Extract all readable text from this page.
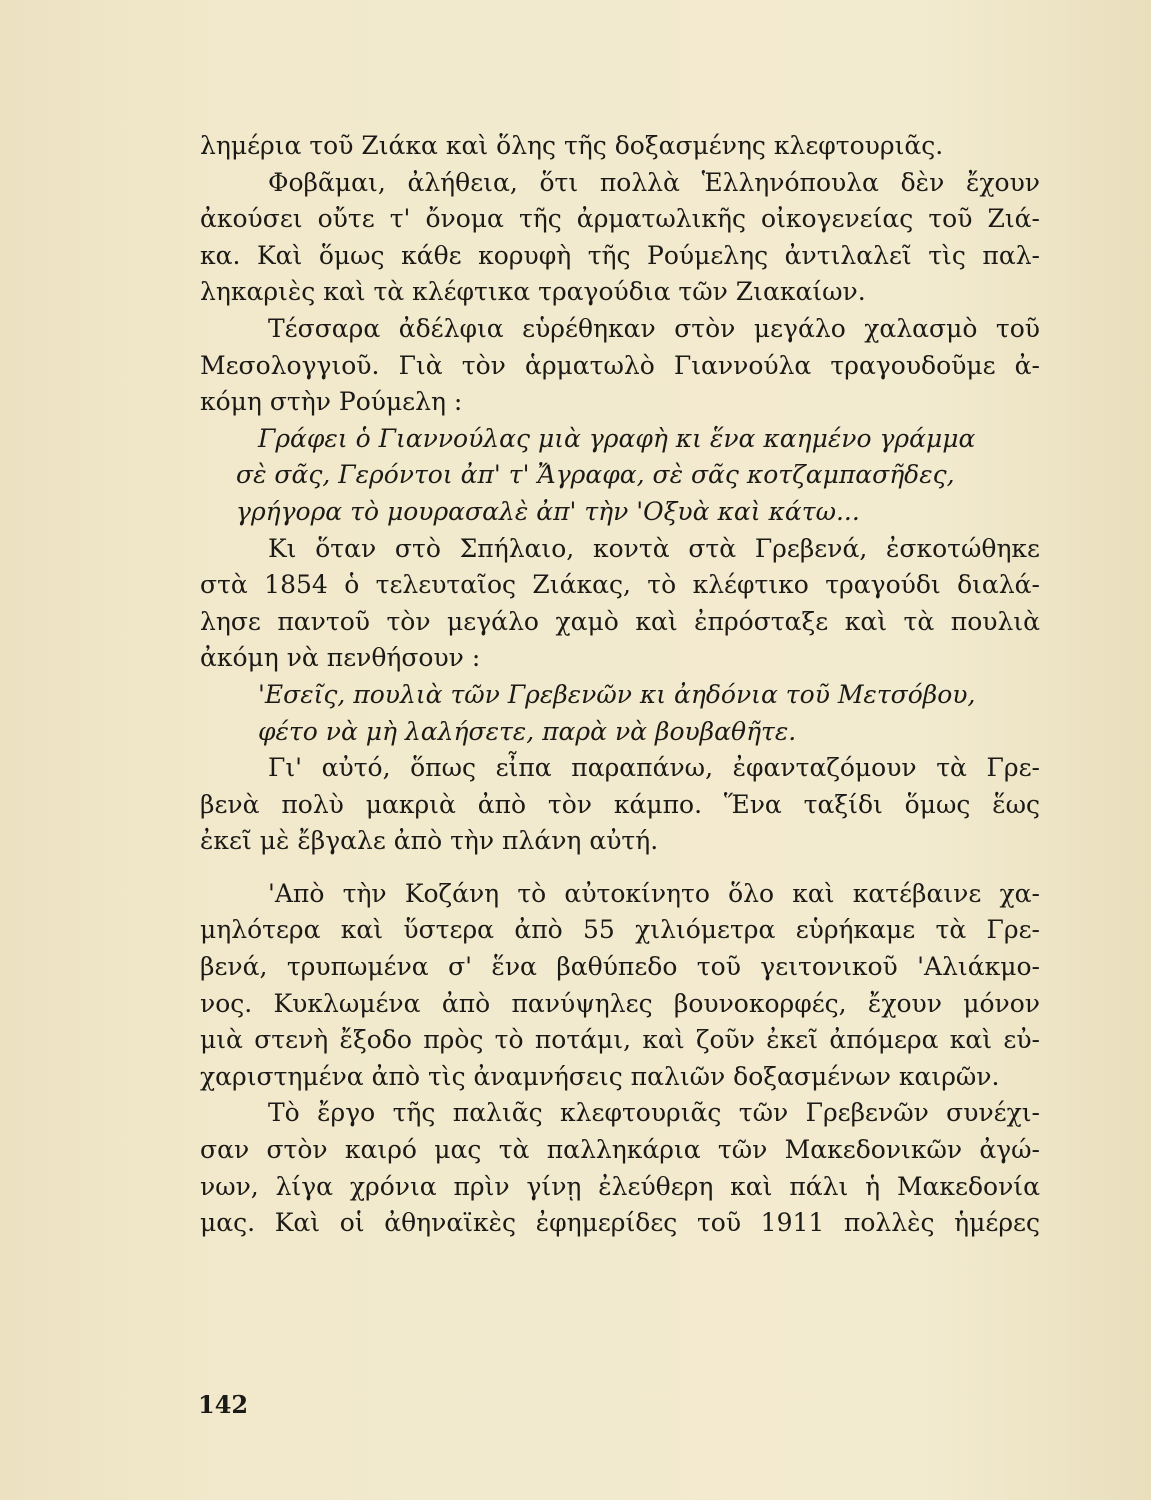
λημέρια τοῦ Ζιάκα καὶ ὅλης τῆς δοξασμένης κλεφτουριᾶς.
Φοβᾶμαι, ἀλήθεια, ὅτι πολλὰ Ἑλληνόπουλα δὲν ἔχουν
ἀκούσει οὔτε τ' ὄνομα τῆς ἀρματωλικῆς οἰκογενείας τοῦ Ζιά-
κα. Καὶ ὅμως κάθε κορυφὴ τῆς Ρούμελης ἀντιλαλεῖ τὶς παλ-
ληκαριὲς καὶ τὰ κλέφτικα τραγούδια τῶν Ζιακαίων.
Τέσσαρα ἀδέλφια εὑρέθηκαν στὸν μεγάλο χαλασμὸ τοῦ
Μεσολογγιοῦ. Γιὰ τὸν ἁρματωλὸ Γιαννούλα τραγουδοῦμε ἀ-
κόμη στὴν Ρούμελη :
Γράφει ὁ Γιαννούλας μιὰ γραφὴ κι ἕνα καημένο γράμμα
σὲ σᾶς, Γερόντοι ἀπ' τ' Ἄγραφα, σὲ σᾶς κοτζαμπασῆδες,
γρήγορα τὸ μουρασαλὲ ἀπ' τὴν 'Οξυὰ καὶ κάτω...
Κι ὅταν στὸ Σπήλαιο, κοντὰ στὰ Γρεβενά, ἐσκοτώθηκε
στὰ 1854 ὁ τελευταῖος Ζιάκας, τὸ κλέφτικο τραγούδι διαλά-
λησε παντοῦ τὸν μεγάλο χαμὸ καὶ ἐπρόσταξε καὶ τὰ πουλιὰ
ἀκόμη νὰ πενθήσουν :
'Εσεῖς, πουλιὰ τῶν Γρεβενῶν κι ἀηδόνια τοῦ Μετσόβου,
φέτο νὰ μὴ λαλήσετε, παρὰ νὰ βουβαθῆτε.
Γι' αὐτό, ὅπως εἶπα παραπάνω, ἐφανταζόμουν τὰ Γρε-
βενὰ πολὺ μακριὰ ἀπὸ τὸν κάμπο. Ἕνα ταξίδι ὅμως ἕως
ἐκεῖ μὲ ἔβγαλε ἀπὸ τὴν πλάνη αὐτή.
'Απὸ τὴν Κοζάνη τὸ αὐτοκίνητο ὅλο καὶ κατέβαινε χα-
μηλότερα καὶ ὕστερα ἀπὸ 55 χιλιόμετρα εὑρήκαμε τὰ Γρε-
βενά, τρυπωμένα σ' ἕνα βαθύπεδο τοῦ γειτονικοῦ 'Αλιάκμο-
νος. Κυκλωμένα ἀπὸ πανύψηλες βουνοκορφές, ἔχουν μόνον
μιὰ στενὴ ἔξοδο πρὸς τὸ ποτάμι, καὶ ζοῦν ἐκεῖ ἀπόμερα καὶ εὐ-
χαριστημένα ἀπὸ τὶς ἀναμνήσεις παλιῶν δοξασμένων καιρῶν.
Τὸ ἔργο τῆς παλιᾶς κλεφτουριᾶς τῶν Γρεβενῶν συνέχι-
σαν στὸν καιρό μας τὰ παλληκάρια τῶν Μακεδονικῶν ἀγώ-
νων, λίγα χρόνια πρὶν γίνῃ ἐλεύθερη καὶ πάλι ἡ Μακεδονία
μας. Καὶ οἱ ἀθηναϊκὲς ἐφημερίδες τοῦ 1911 πολλὲς ἡμέρες
142
